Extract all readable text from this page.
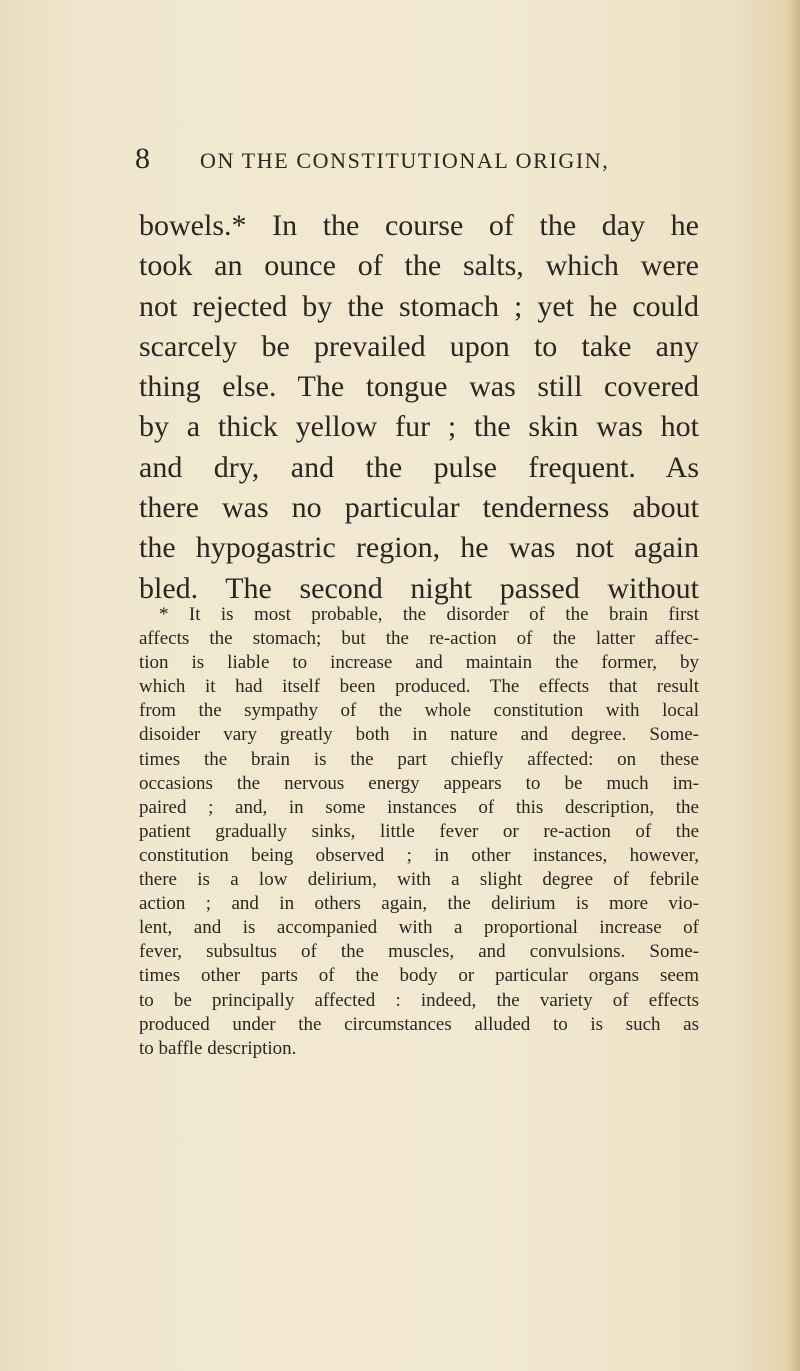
8 ON THE CONSTITUTIONAL ORIGIN,
bowels.* In the course of the day he
took an ounce of the salts, which were
not rejected by the stomach ; yet he could
scarcely be prevailed upon to take any
thing else. The tongue was still covered
by a thick yellow fur ; the skin was hot
and dry, and the pulse frequent. As
there was no particular tenderness about
the hypogastric region, he was not again
bled. The second night passed without
* It is most probable, the disorder of the brain first
affects the stomach; but the re-action of the latter affec-
tion is liable to increase and maintain the former, by
which it had itself been produced. The effects that result
from the sympathy of the whole constitution with local
disoider vary greatly both in nature and degree. Some-
times the brain is the part chiefly affected: on these
occasions the nervous energy appears to be much im-
paired ; and, in some instances of this description, the
patient gradually sinks, little fever or re-action of the
constitution being observed ; in other instances, however,
there is a low delirium, with a slight degree of febrile
action ; and in others again, the delirium is more vio-
lent, and is accompanied with a proportional increase of
fever, subsultus of the muscles, and convulsions. Some-
times other parts of the body or particular organs seem
to be principally affected : indeed, the variety of effects
produced under the circumstances alluded to is such as
to baffle description.
